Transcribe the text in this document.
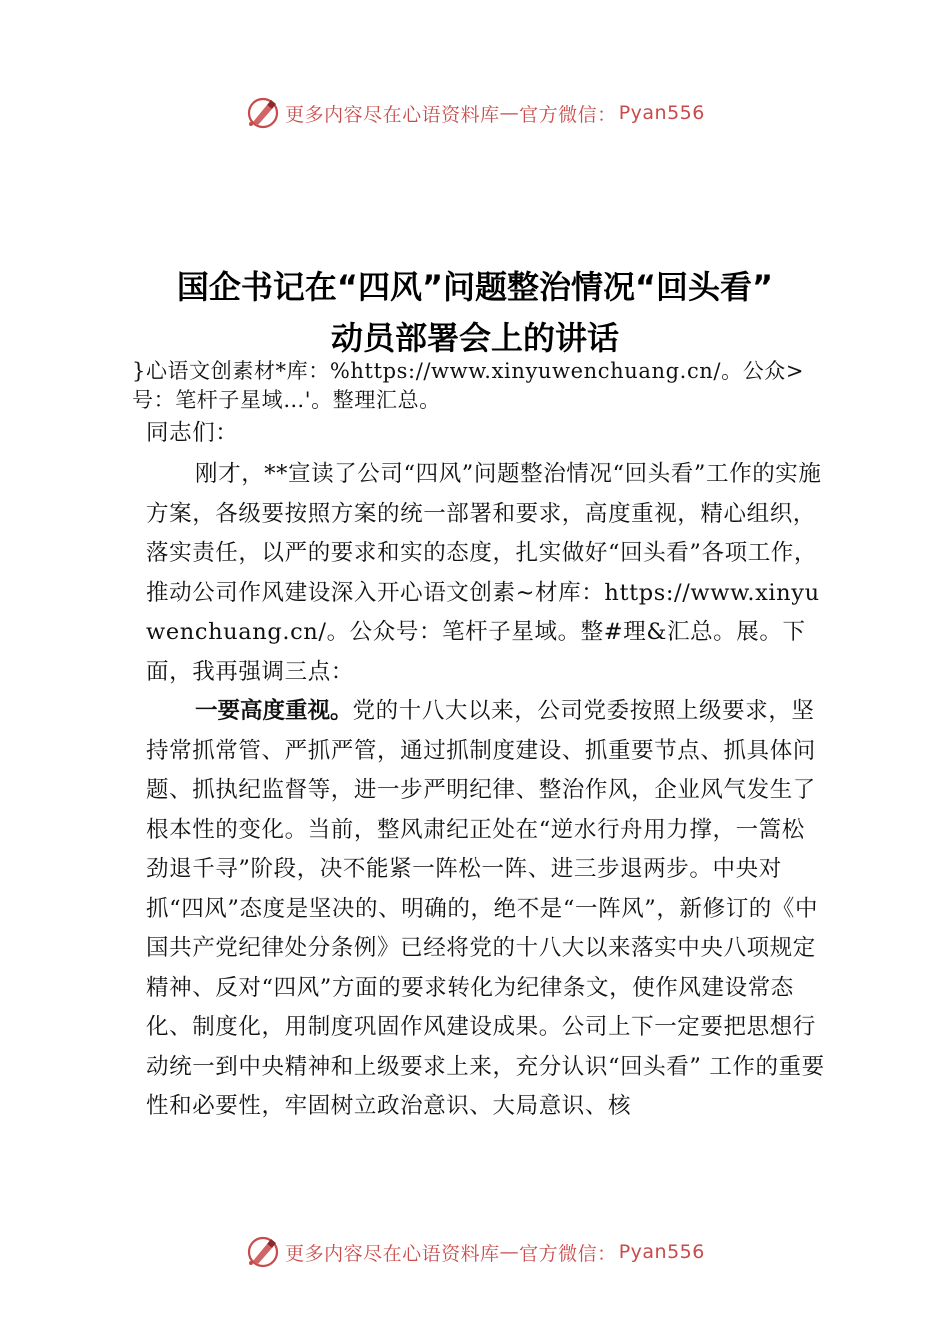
更多内容尽在心语资料库 — 官方微信： Pyan556
国企书记在“四风”问题整治情况“回头看”
动员部署会上的讲话

}心语文创素材*库：%https://www.xinyuwenchuang.cn/。公众>号：笔杆子星域…'。整理汇总。

同志们：

刚才，**宣读了公司“四风”问题整治情况“回头看”工作的实施方案，各级要按照方案的统一部署和要求，高度重视，精心组织，落实责任，以严的要求和实的态度，扎实做好“回头看”各项工作，推动公司作风建设深入开心语文创素~材库：https://www.xinyuwenchuang.cn/。公众号：笔杆子星域。整#理&汇总。展。下面，我再强调三点：

一要高度重视。党的十八大以来，公司党委按照上级要求，坚持常抓常管、严抓严管，通过抓制度建设、抓重要节点、抓具体问题、抓执纪监督等，进一步严明纪律、整治作风，企业风气发生了根本性的变化。当前，整风肃纪正处在“逆水行舟用力撑，一篙松劲退千寻”阶段，决不能紧一阵松一阵、进三步退两步。中央对抓“四风”态度是坚决的、明确的，绝不是“一阵风”，新修订的《中国共产党纪律处分条例》已经将党的十八大以来落实中央八项规定精神、反对“四风”方面的要求转化为纪律条文，使作风建设常态化、制度化，用制度巩固作风建设成果。公司上下一定要把思想行动统一到中央精神和上级要求上来，充分认识“回头看” 工作的重要性和必要性，牢固树立政治意识、大局意识、核

更多内容尽在心语资料库 — 官方微信： Pyan556
